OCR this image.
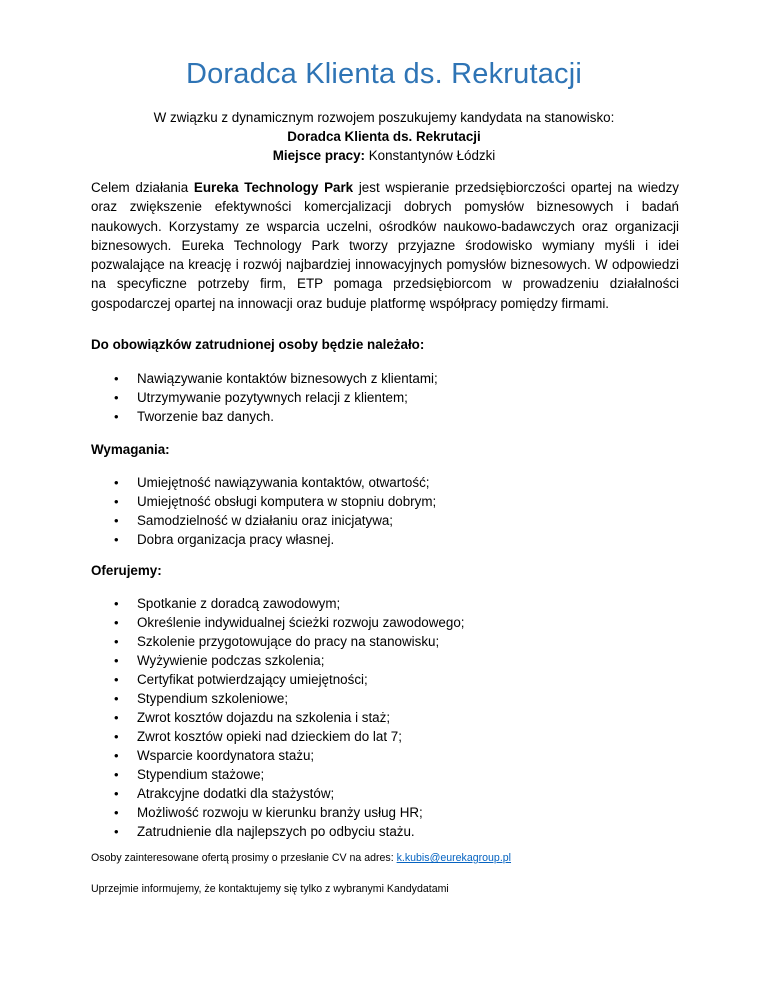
Doradca Klienta ds. Rekrutacji
W związku z dynamicznym rozwojem poszukujemy kandydata na stanowisko:
Doradca Klienta ds. Rekrutacji
Miejsce pracy: Konstantynów Łódzki

Celem działania Eureka Technology Park jest wspieranie przedsiębiorczości opartej na wiedzy oraz zwiększenie efektywności komercjalizacji dobrych pomysłów biznesowych i badań naukowych. Korzystamy ze wsparcia uczelni, ośrodków naukowo-badawczych oraz organizacji biznesowych. Eureka Technology Park tworzy przyjazne środowisko wymiany myśli i idei pozwalające na kreację i rozwój najbardziej innowacyjnych pomysłów biznesowych. W odpowiedzi na specyficzne potrzeby firm, ETP pomaga przedsiębiorcom w prowadzeniu działalności gospodarczej opartej na innowacji oraz buduje platformę współpracy pomiędzy firmami.

Do obowiązków zatrudnionej osoby będzie należało:

• Nawiązywanie kontaktów biznesowych z klientami;
• Utrzymywanie pozytywnych relacji z klientem;
• Tworzenie baz danych.

Wymagania:

• Umiejętność nawiązywania kontaktów, otwartość;
• Umiejętność obsługi komputera w stopniu dobrym;
• Samodzielność w działaniu oraz inicjatywa;
• Dobra organizacja pracy własnej.

Oferujemy:

• Spotkanie z doradcą zawodowym;
• Określenie indywidualnej ścieżki rozwoju zawodowego;
• Szkolenie przygotowujące do pracy na stanowisku;
• Wyżywienie podczas szkolenia;
• Certyfikat potwierdzający umiejętności;
• Stypendium szkoleniowe;
• Zwrot kosztów dojazdu na szkolenia i staż;
• Zwrot kosztów opieki nad dzieckiem do lat 7;
• Wsparcie koordynatora stażu;
• Stypendium stażowe;
• Atrakcyjne dodatki dla stażystów;
• Możliwość rozwoju w kierunku branży usług HR;
• Zatrudnienie dla najlepszych po odbyciu stażu.

Osoby zainteresowane ofertą prosimy o przesłanie CV na adres: k.kubis@eurekagroup.pl

Uprzejmie informujemy, że kontaktujemy się tylko z wybranymi Kandydatami
